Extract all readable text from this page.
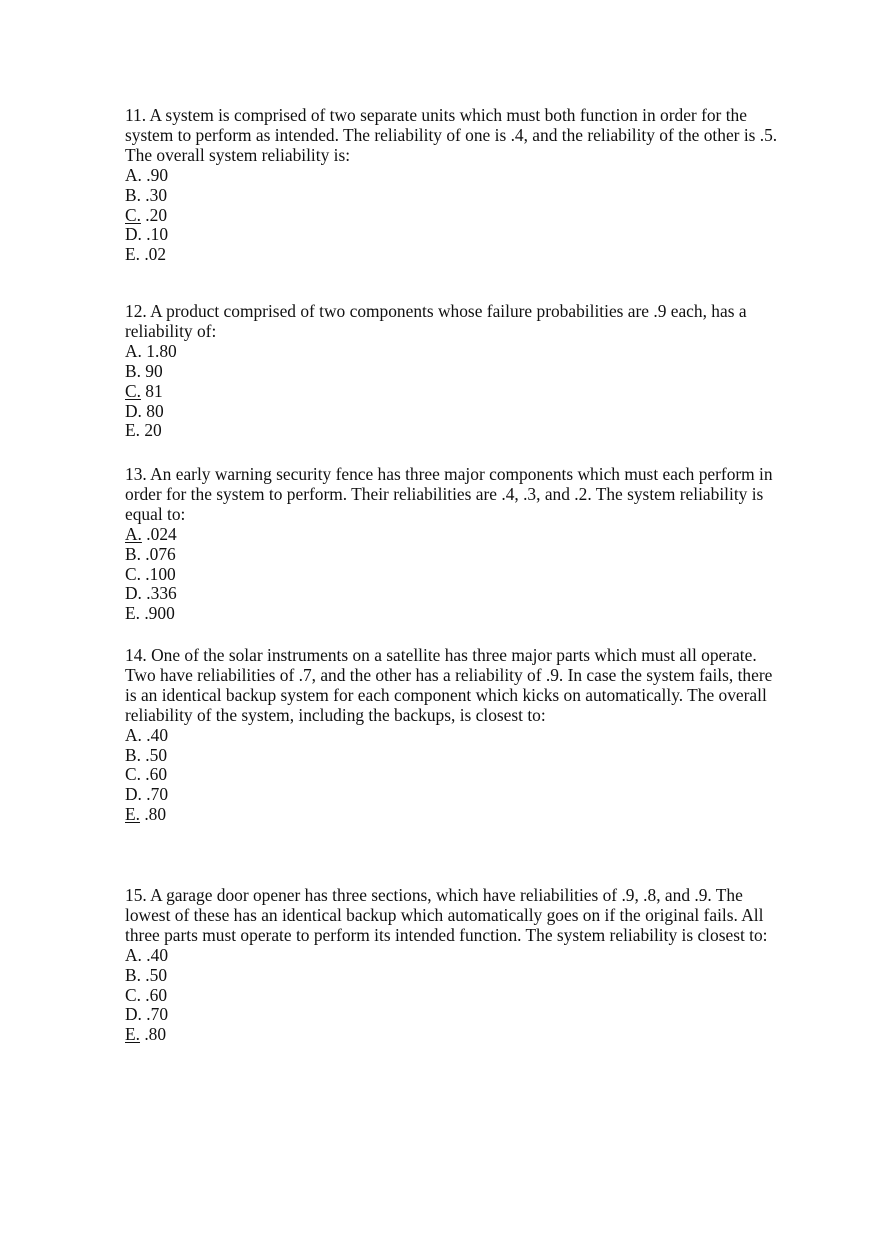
11. A system is comprised of two separate units which must both function in order for the system to perform as intended. The reliability of one is .4, and the reliability of the other is .5. The overall system reliability is:

A. .90
B. .30
C. .20
D. .10
E. .02

12. A product comprised of two components whose failure probabilities are .9 each, has a reliability of:

A. 1.80
B. 90
C. 81
D. 80
E. 20

13. An early warning security fence has three major components which must each perform in order for the system to perform. Their reliabilities are .4, .3, and .2. The system reliability is equal to:

A. .024
B. .076
C. .100
D. .336
E. .900

14. One of the solar instruments on a satellite has three major parts which must all operate. Two have reliabilities of .7, and the other has a reliability of .9. In case the system fails, there is an identical backup system for each component which kicks on automatically. The overall reliability of the system, including the backups, is closest to:

A. .40
B. .50
C. .60
D. .70
E. .80

15. A garage door opener has three sections, which have reliabilities of .9, .8, and .9. The lowest of these has an identical backup which automatically goes on if the original fails. All three parts must operate to perform its intended function. The system reliability is closest to:

A. .40
B. .50
C. .60
D. .70
E. .80
